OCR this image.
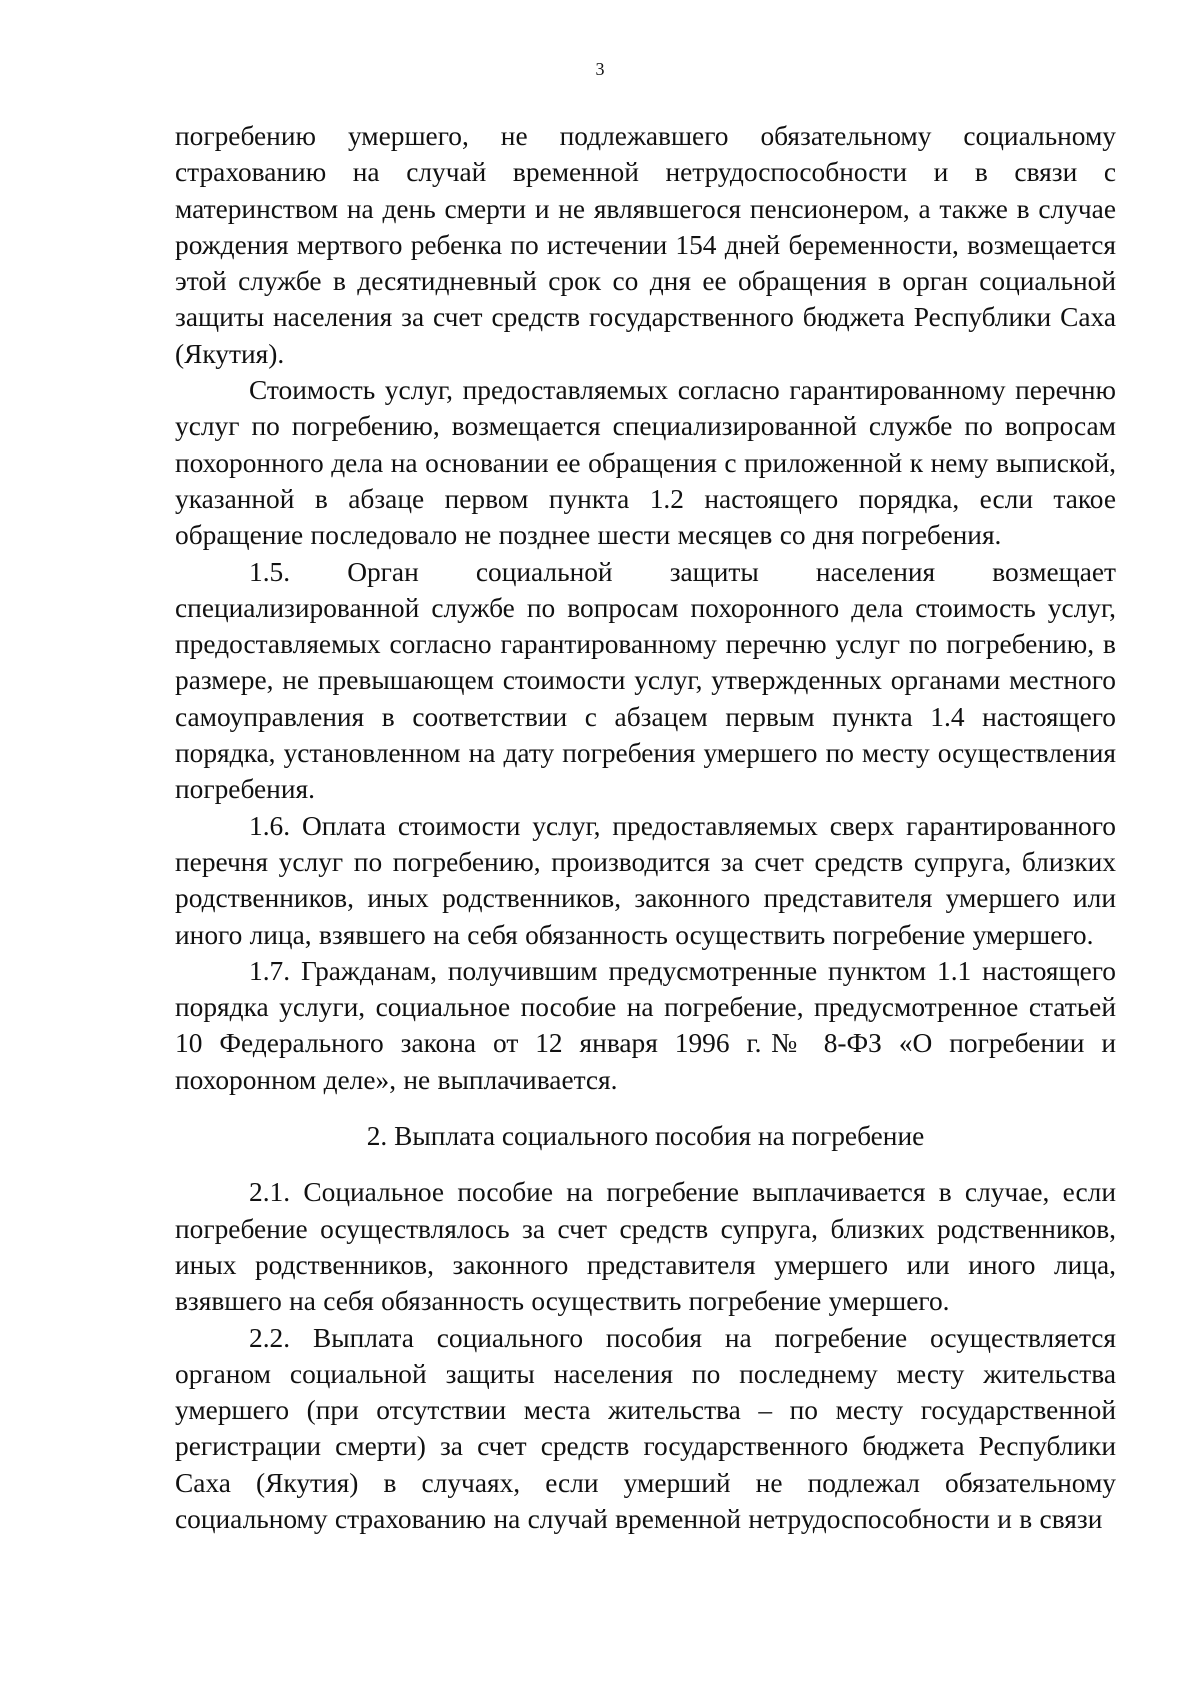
3

погребению умершего, не подлежавшего обязательному социальному страхованию на случай временной нетрудоспособности и в связи с материнством на день смерти и не являвшегося пенсионером, а также в случае рождения мертвого ребенка по истечении 154 дней беременности, возмещается этой службе в десятидневный срок со дня ее обращения в орган социальной защиты населения за счет средств государственного бюджета Республики Саха (Якутия).

Стоимость услуг, предоставляемых согласно гарантированному перечню услуг по погребению, возмещается специализированной службе по вопросам похоронного дела на основании ее обращения с приложенной к нему выпиской, указанной в абзаце первом пункта 1.2 настоящего порядка, если такое обращение последовало не позднее шести месяцев со дня погребения.

1.5. Орган социальной защиты населения возмещает специализированной службе по вопросам похоронного дела стоимость услуг, предоставляемых согласно гарантированному перечню услуг по погребению, в размере, не превышающем стоимости услуг, утвержденных органами местного самоуправления в соответствии с абзацем первым пункта 1.4 настоящего порядка, установленном на дату погребения умершего по месту осуществления погребения.

1.6. Оплата стоимости услуг, предоставляемых сверх гарантированного перечня услуг по погребению, производится за счет средств супруга, близких родственников, иных родственников, законного представителя умершего или иного лица, взявшего на себя обязанность осуществить погребение умершего.

1.7. Гражданам, получившим предусмотренные пунктом 1.1 настоящего порядка услуги, социальное пособие на погребение, предусмотренное статьей 10 Федерального закона от 12 января 1996 г.№ 8-ФЗ «О погребении и похоронном деле», не выплачивается.

2. Выплата социального пособия на погребение

2.1. Социальное пособие на погребение выплачивается в случае, если погребение осуществлялось за счет средств супруга, близких родственников, иных родственников, законного представителя умершего или иного лица, взявшего на себя обязанность осуществить погребение умершего.

2.2. Выплата социального пособия на погребение осуществляется органом социальной защиты населения по последнему месту жительства умершего (при отсутствии места жительства – по месту государственной регистрации смерти) за счет средств государственного бюджета Республики Саха (Якутия) в случаях, если умерший не подлежал обязательному социальному страхованию на случай временной нетрудоспособности и в связи
